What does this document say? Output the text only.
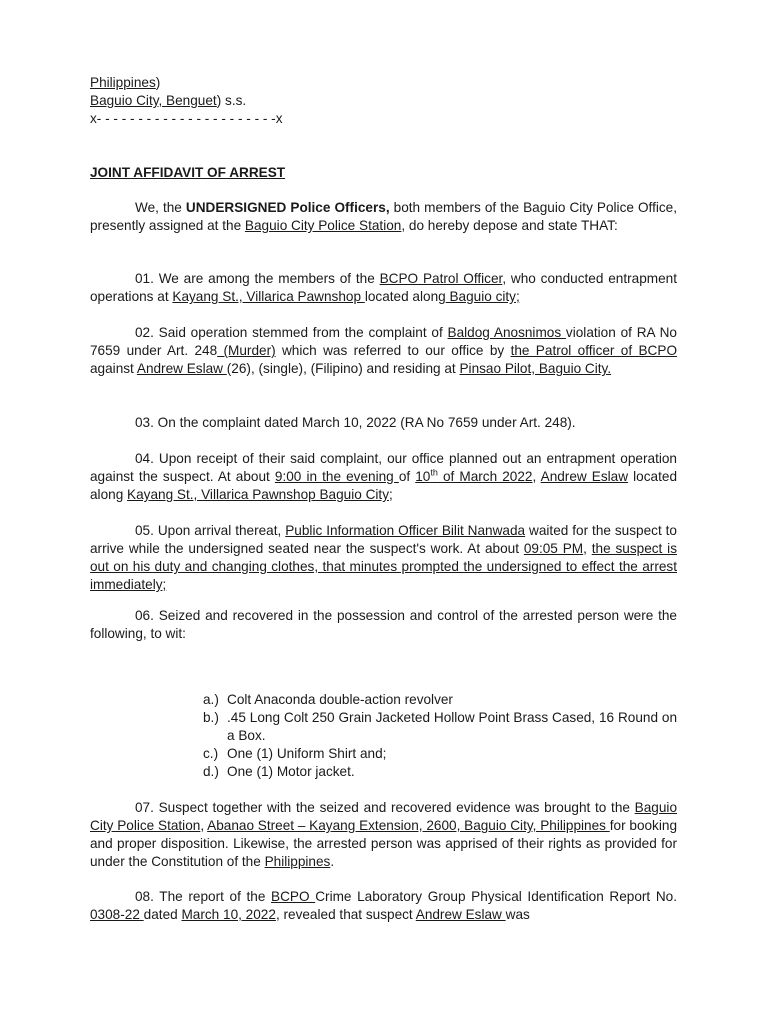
Philippines)
Baguio City, Benguet) s.s.
x- - - - - - - - - - - - - - - - - - - - - -x
JOINT AFFIDAVIT OF ARREST

We, the UNDERSIGNED Police Officers, both members of the Baguio City Police Office, presently assigned at the Baguio City Police Station, do hereby depose and state THAT:

01. We are among the members of the BCPO Patrol Officer, who conducted entrapment operations at Kayang St., Villarica Pawnshop located along Baguio city;

02. Said operation stemmed from the complaint of Baldog Anosnimos violation of RA No 7659 under Art. 248 (Murder) which was referred to our office by the Patrol officer of BCPO against Andrew Eslaw (26), (single), (Filipino) and residing at Pinsao Pilot, Baguio City.

03. On the complaint dated March 10, 2022 (RA No 7659 under Art. 248).

04. Upon receipt of their said complaint, our office planned out an entrapment operation against the suspect. At about 9:00 in the evening of 10th of March 2022, Andrew Eslaw located along Kayang St., Villarica Pawnshop Baguio City;

05. Upon arrival thereat, Public Information Officer Bilit Nanwada waited for the suspect to arrive while the undersigned seated near the suspect's work. At about 09:05 PM, the suspect is out on his duty and changing clothes, that minutes prompted the undersigned to effect the arrest immediately;

06. Seized and recovered in the possession and control of the arrested person were the following, to wit:

a.) Colt Anaconda double-action revolver
b.) .45 Long Colt 250 Grain Jacketed Hollow Point Brass Cased, 16 Round on a Box.
c.) One (1) Uniform Shirt and;
d.) One (1) Motor jacket.

07. Suspect together with the seized and recovered evidence was brought to the Baguio City Police Station, Abanao Street – Kayang Extension, 2600, Baguio City, Philippines for booking and proper disposition. Likewise, the arrested person was apprised of their rights as provided for under the Constitution of the Philippines.

08. The report of the BCPO Crime Laboratory Group Physical Identification Report No. 0308-22 dated March 10, 2022, revealed that suspect Andrew Eslaw was
